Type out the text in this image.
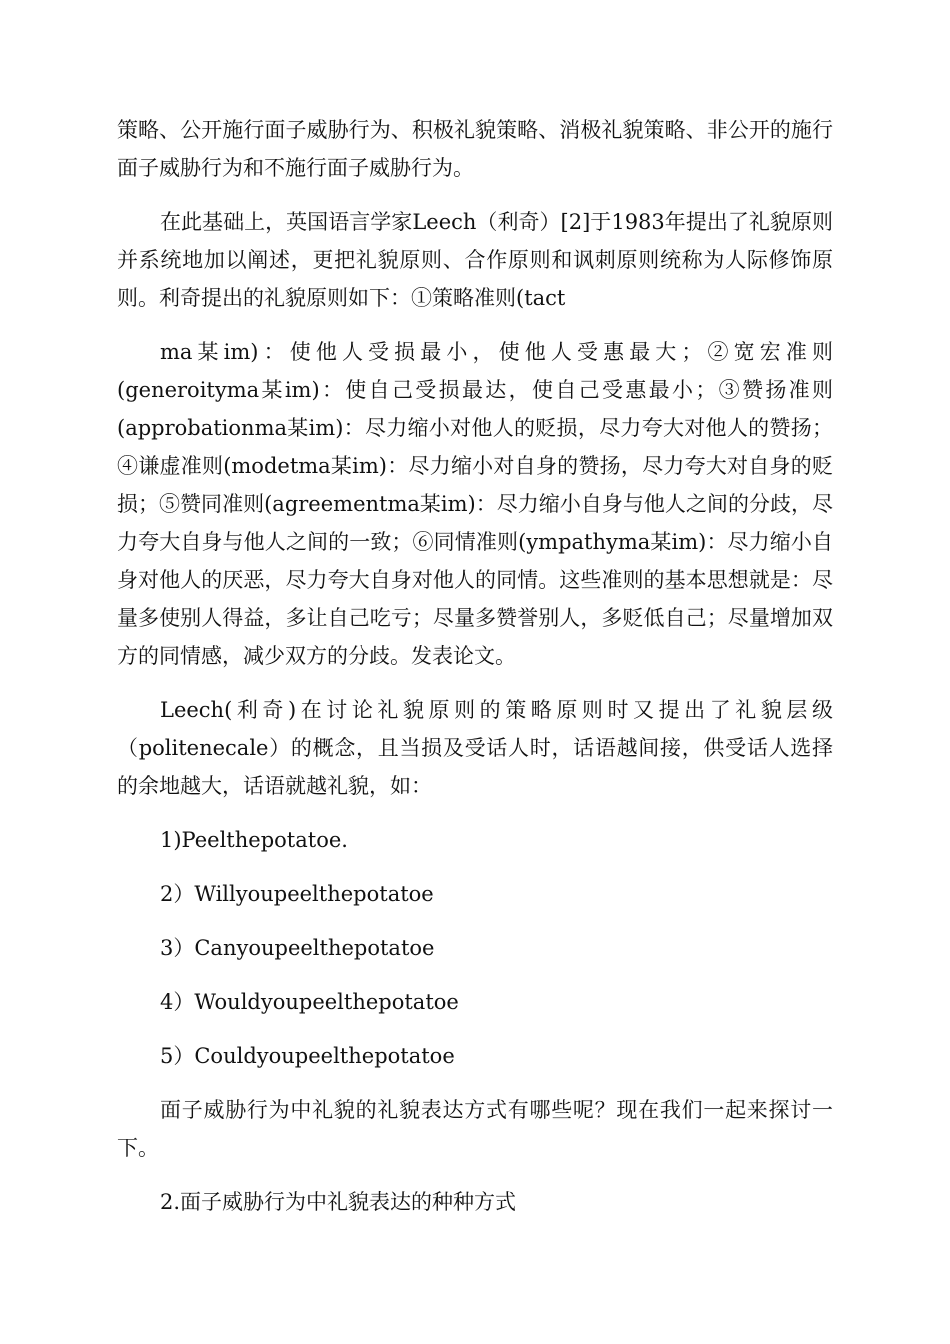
策略、公开施行面子威胁行为、积极礼貌策略、消极礼貌策略、非公开的施行面子威胁行为和不施行面子威胁行为。

在此基础上，英国语言学家Leech（利奇）[2]于1983年提出了礼貌原则并系统地加以阐述，更把礼貌原则、合作原则和讽刺原则统称为人际修饰原则。利奇提出的礼貌原则如下：①策略准则(tact

ma某im)：使他人受损最小，使他人受惠最大；②宽宏准则(generoityma某im)：使自己受损最达，使自己受惠最小；③赞扬准则(approbationma某im)：尽力缩小对他人的贬损，尽力夸大对他人的赞扬；④谦虚准则(modetma某im)：尽力缩小对自身的赞扬，尽力夸大对自身的贬损；⑤赞同准则(agreementma某im)：尽力缩小自身与他人之间的分歧，尽力夸大自身与他人之间的一致；⑥同情准则(ympathyma某im)：尽力缩小自身对他人的厌恶，尽力夸大自身对他人的同情。这些准则的基本思想就是：尽量多使别人得益，多让自己吃亏；尽量多赞誉别人，多贬低自己；尽量增加双方的同情感，减少双方的分歧。发表论文。

Leech(利奇)在讨论礼貌原则的策略原则时又提出了礼貌层级（politenecale）的概念，且当损及受话人时，话语越间接，供受话人选择的余地越大，话语就越礼貌，如：

1)Peelthepotatoe.

2）Willyoupeelthepotatoe

3）Canyoupeelthepotatoe

4）Wouldyoupeelthepotatoe

5）Couldyoupeelthepotatoe

面子威胁行为中礼貌的礼貌表达方式有哪些呢？现在我们一起来探讨一下。

2.面子威胁行为中礼貌表达的种种方式
